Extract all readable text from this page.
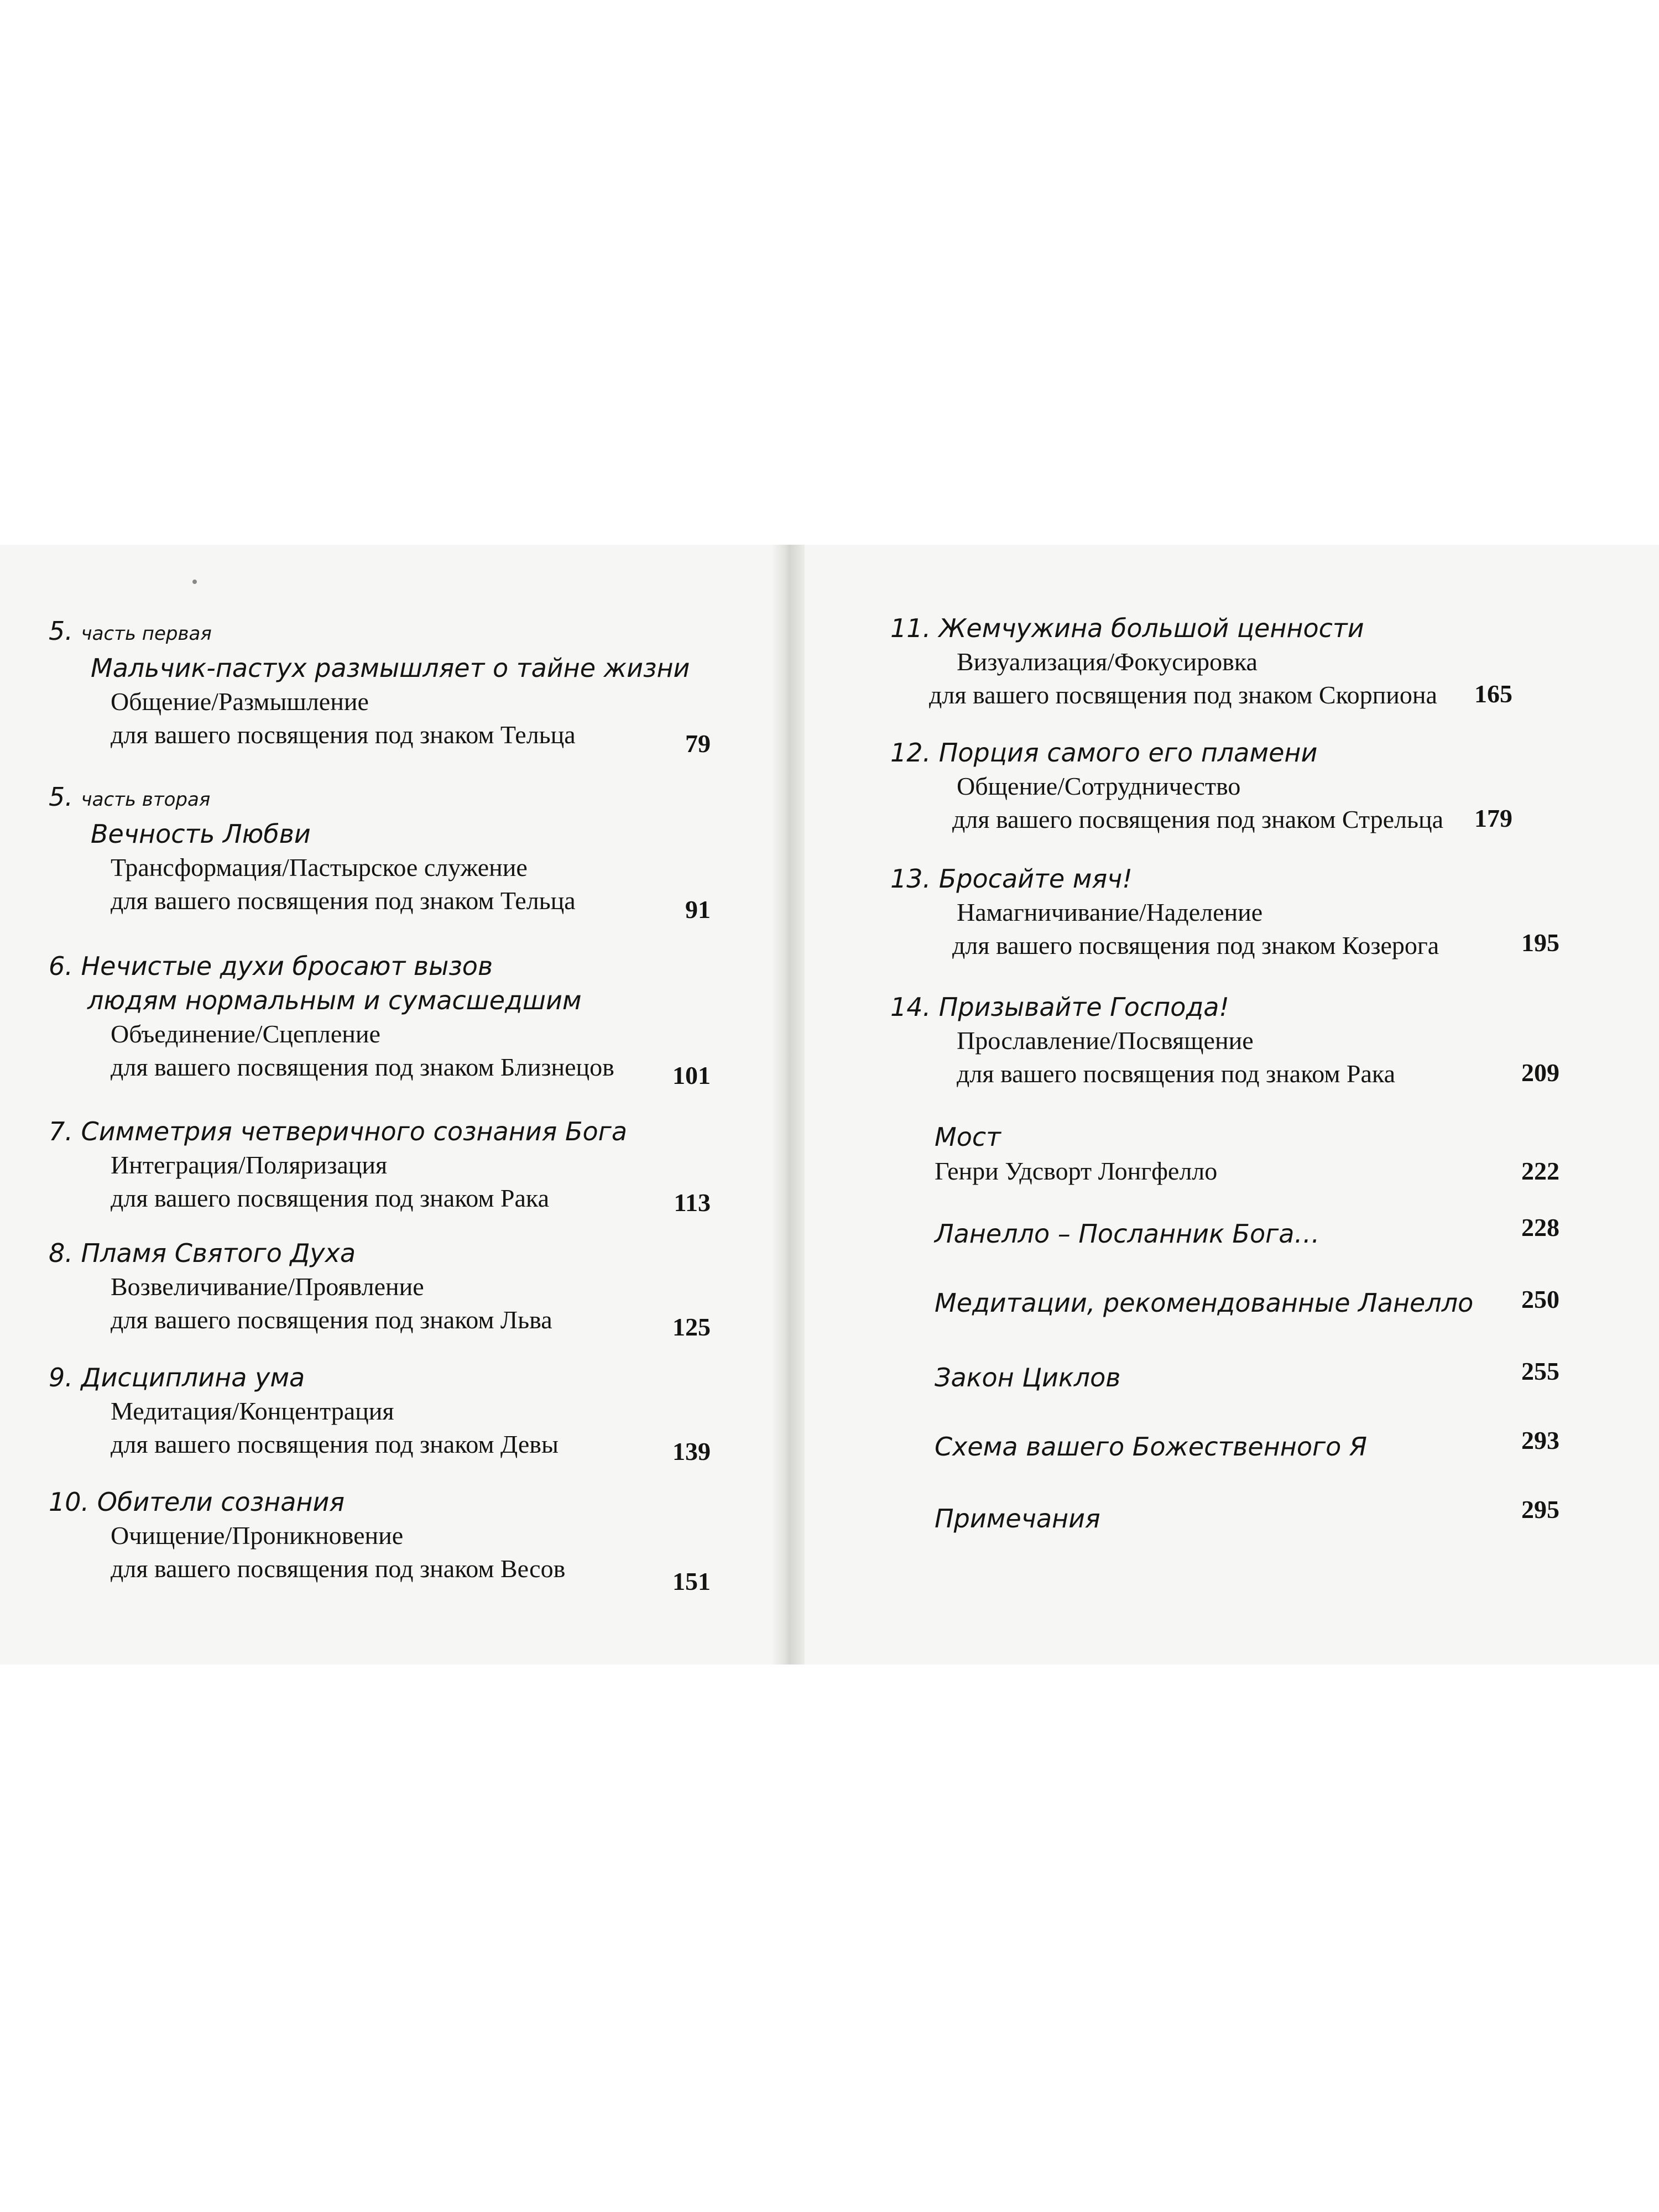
5. часть первая
Мальчик-пастух размышляет о тайне жизни
Общение/Размышление
для вашего посвящения под знаком Тельца	79
5. часть вторая
Вечность Любви
Трансформация/Пастырское служение
для вашего посвящения под знаком Тельца	91
6. Нечистые духи бросают вызов
людям нормальным и сумасшедшим
Объединение/Сцепление
для вашего посвящения под знаком Близнецов	101
7. Симметрия четверичного сознания Бога
Интеграция/Поляризация
для вашего посвящения под знаком Рака	113
8. Пламя Святого Духа
Возвеличивание/Проявление
для вашего посвящения под знаком Льва	125
9. Дисциплина ума
Медитация/Концентрация
для вашего посвящения под знаком Девы	139
10. Обители сознания
Очищение/Проникновение
для вашего посвящения под знаком Весов	151
11. Жемчужина большой ценности
Визуализация/Фокусировка
для вашего посвящения под знаком Скорпиона	165
12. Порция самого его пламени
Общение/Сотрудничество
для вашего посвящения под знаком Стрельца	179
13. Бросайте мяч!
Намагничивание/Наделение
для вашего посвящения под знаком Козерога	195
14. Призывайте Господа!
Прославление/Посвящение
для вашего посвящения под знаком Рака	209
Мост
Генри Удсворт Лонгфелло	222
Ланелло – Посланник Бога…	228
Медитации, рекомендованные Ланелло	250
Закон Циклов	255
Схема вашего Божественного Я	293
Примечания	295
